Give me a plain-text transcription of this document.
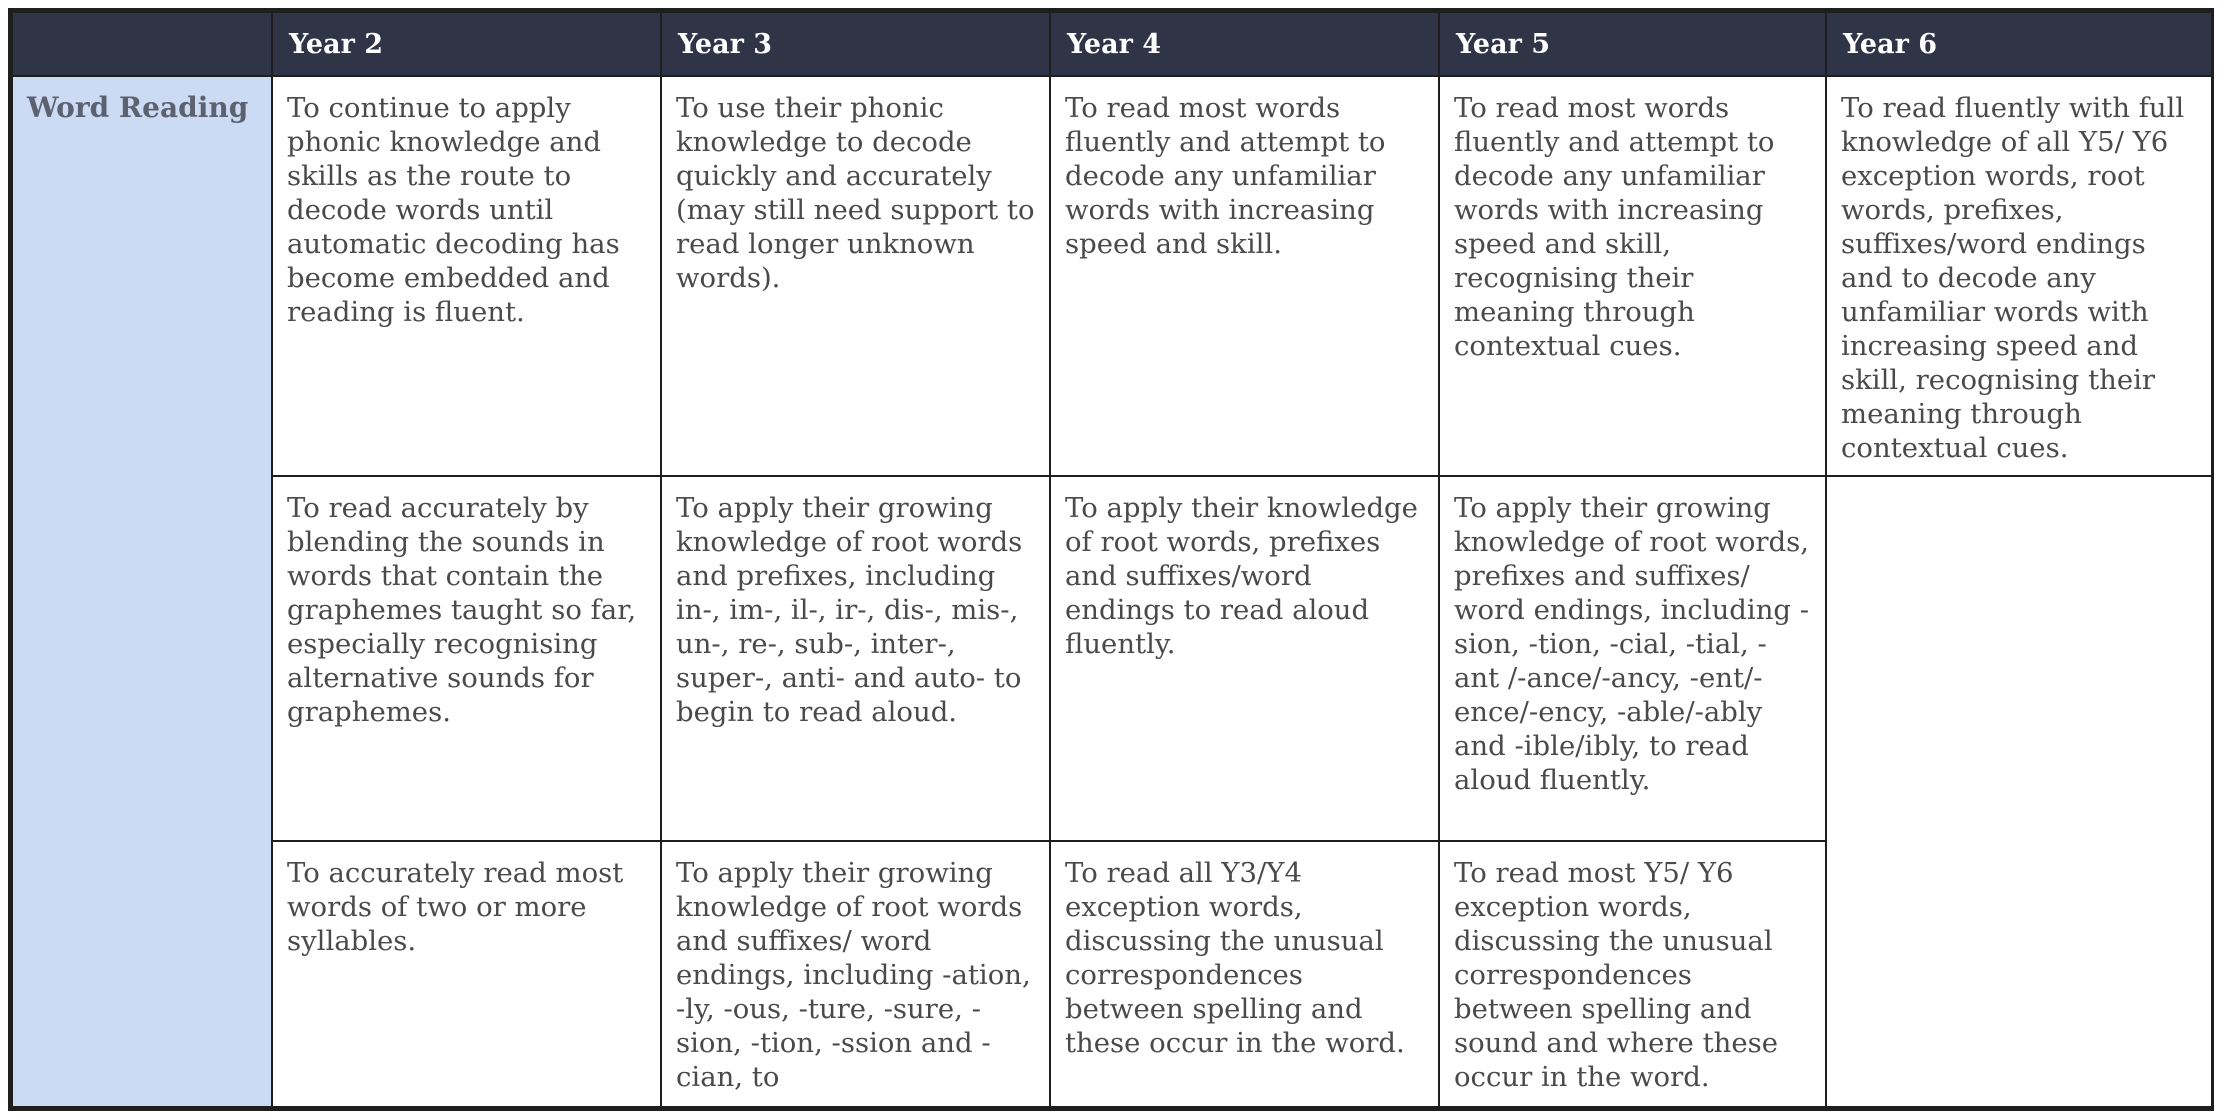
	Year 2	Year 3	Year 4	Year 5	Year 6
Word Reading	To continue to apply phonic knowledge and skills as the route to decode words until automatic decoding has become embedded and reading is fluent.	To use their phonic knowledge to decode quickly and accurately (may still need support to read longer unknown words).	To read most words fluently and attempt to decode any unfamiliar words with increasing speed and skill.	To read most words fluently and attempt to decode any unfamiliar words with increasing speed and skill, recognising their meaning through contextual cues.	To read fluently with full knowledge of all Y5/ Y6 exception words, root words, prefixes, suffixes/word endings and to decode any unfamiliar words with increasing speed and skill, recognising their meaning through contextual cues.
	To read accurately by blending the sounds in words that contain the graphemes taught so far, especially recognising alternative sounds for graphemes.	To apply their growing knowledge of root words and prefixes, including in-, im-, il-, ir-, dis-, mis-, un-, re-, sub-, inter-, super-, anti- and auto- to begin to read aloud.	To apply their knowledge of root words, prefixes and suffixes/word endings to read aloud fluently.	To apply their growing knowledge of root words, prefixes and suffixes/ word endings, including -sion, -tion, -cial, -tial, -ant /-ance/-ancy, -ent/-ence/-ency, -able/-ably and -ible/ibly, to read aloud fluently.	
	To accurately read most words of two or more syllables.	To apply their growing knowledge of root words and suffixes/ word endings, including -ation, -ly, -ous, -ture, -sure, -sion, -tion, -ssion and -cian, to	To read all Y3/Y4 exception words, discussing the unusual correspondences between spelling and these occur in the word.	To read most Y5/ Y6 exception words, discussing the unusual correspondences between spelling and sound and where these occur in the word.	
